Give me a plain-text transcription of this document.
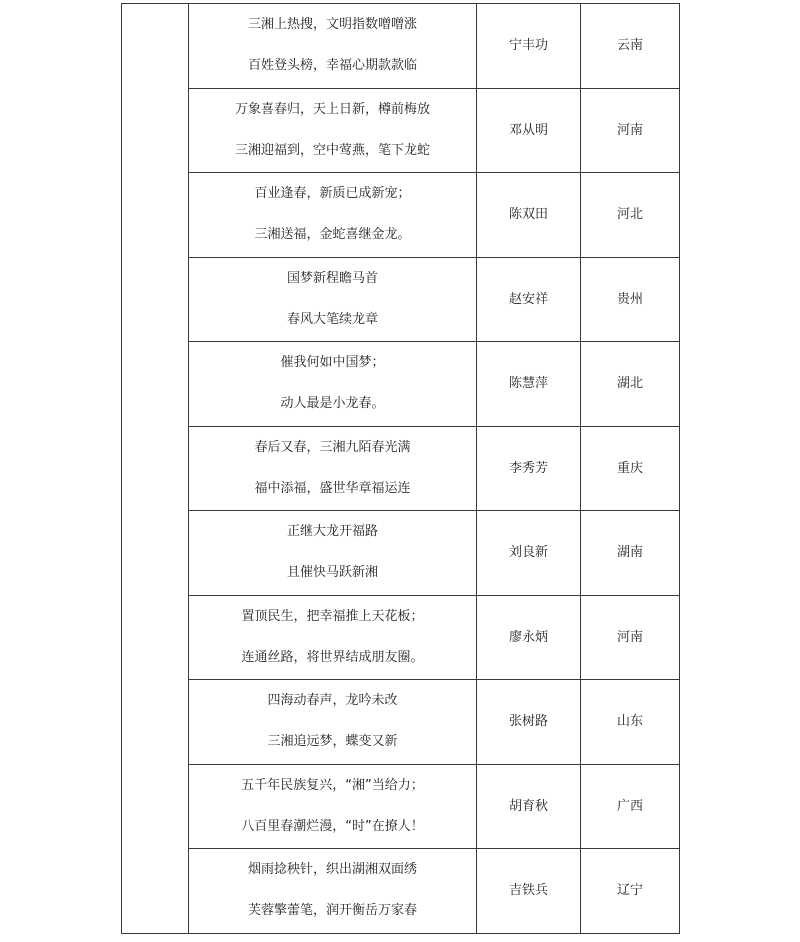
	三湘上热搜，文明指数噌噌涨
百姓登头榜，幸福心期款款临	宁丰功	云南

	万象喜春归，天上日新，樽前梅放
三湘迎福到，空中莺燕，笔下龙蛇	邓从明	河南

	百业逢春，新质已成新宠；
三湘送福，金蛇喜继金龙。	陈双田	河北

	国梦新程瞻马首
春风大笔续龙章	赵安祥	贵州

	催我何如中国梦；
动人最是小龙春。	陈慧萍	湖北

	春后又春，三湘九陌春光满
福中添福，盛世华章福运连	李秀芳	重庆

	正继大龙开福路
且催快马跃新湘	刘良新	湖南

	置顶民生，把幸福推上天花板；
连通丝路，将世界结成朋友圈。	廖永炳	河南

	四海动春声，龙吟未改
三湘追远梦，蝶变又新	张树路	山东

	五千年民族复兴，“湘”当给力；
八百里春潮烂漫，“时”在撩人！	胡育秋	广西

	烟雨捻秧针，织出湖湘双面绣
芙蓉擎蕾笔，润开衡岳万家春	吉铁兵	辽宁
